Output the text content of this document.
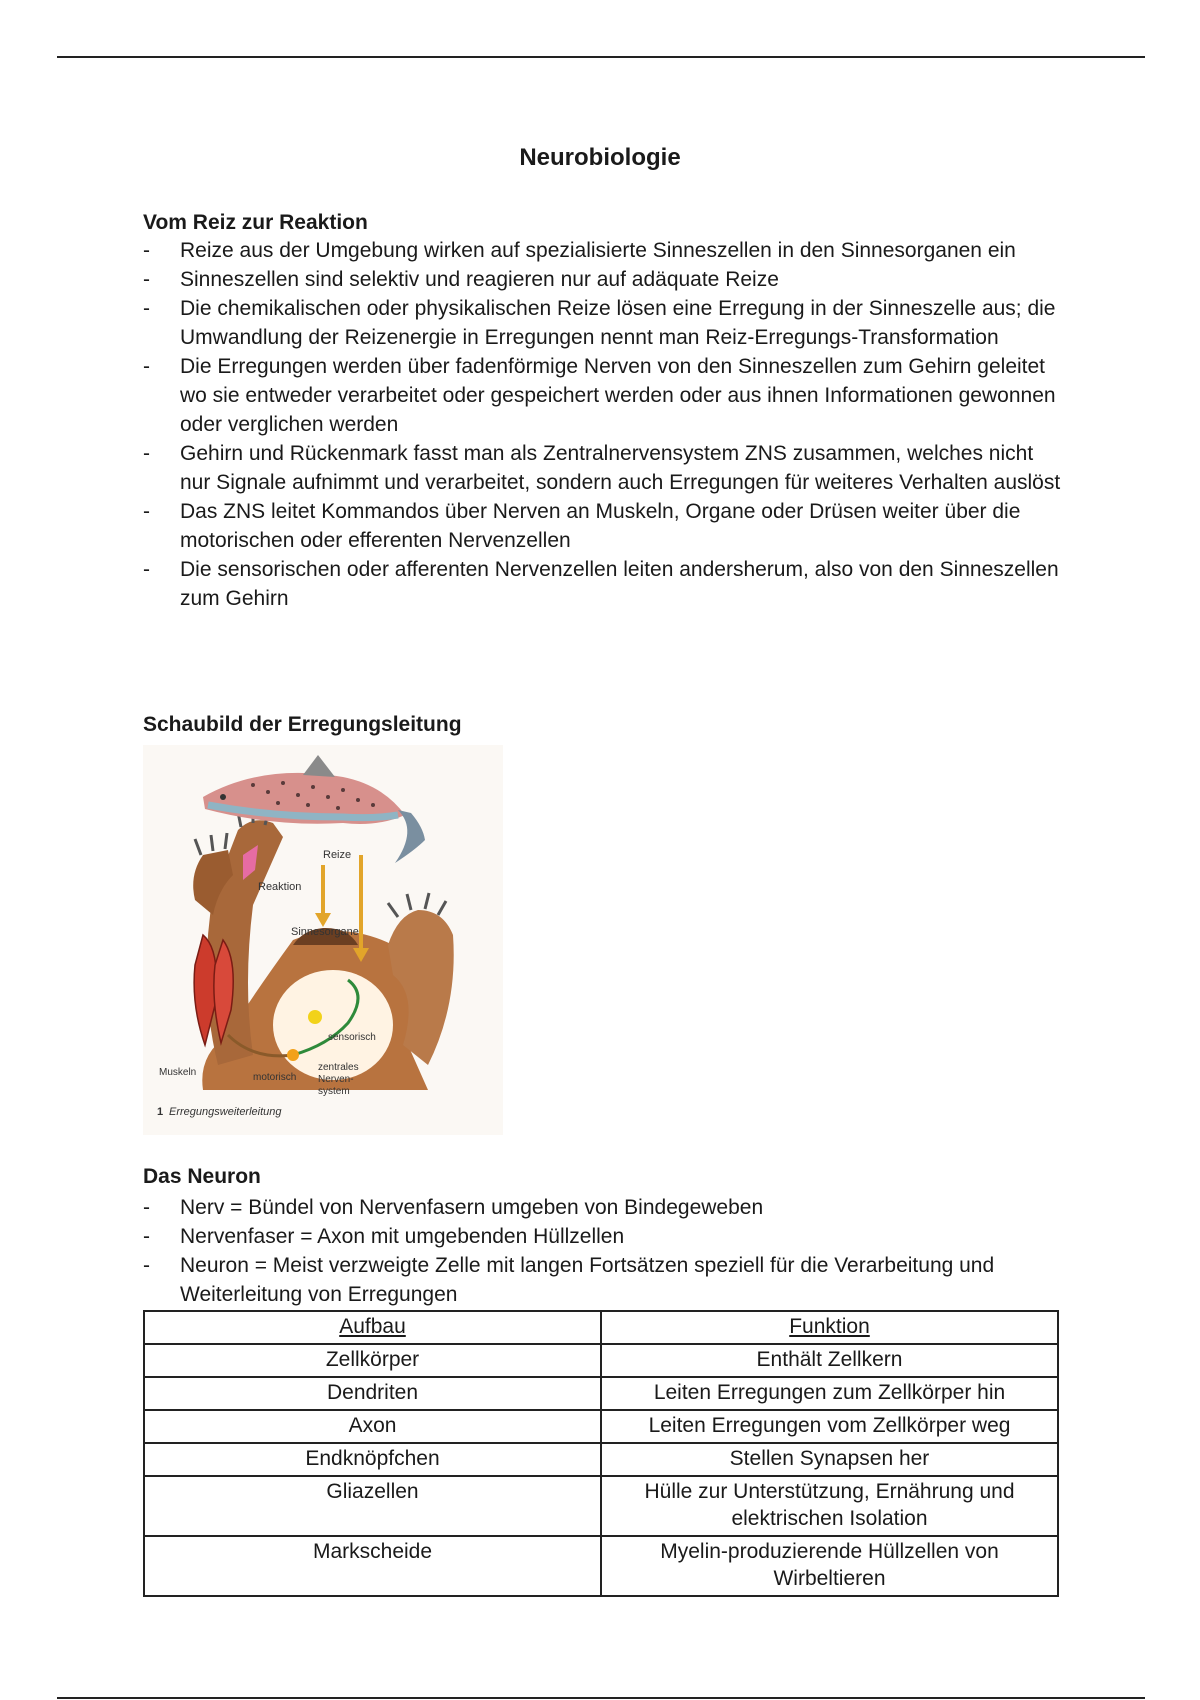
Neurobiologie
Vom Reiz zur Reaktion
- Reize aus der Umgebung wirken auf spezialisierte Sinneszellen in den Sinnesorganen ein
- Sinneszellen sind selektiv und reagieren nur auf adäquate Reize
- Die chemikalischen oder physikalischen Reize lösen eine Erregung in der Sinneszelle aus; die Umwandlung der Reizenergie in Erregungen nennt man Reiz-Erregungs-Transformation
- Die Erregungen werden über fadenförmige Nerven von den Sinneszellen zum Gehirn geleitet wo sie entweder verarbeitet oder gespeichert werden oder aus ihnen Informationen gewonnen oder verglichen werden
- Gehirn und Rückenmark fasst man als Zentralnervensystem ZNS zusammen, welches nicht nur Signale aufnimmt und verarbeitet, sondern auch Erregungen für weiteres Verhalten auslöst
- Das ZNS leitet Kommandos über Nerven an Muskeln, Organe oder Drüsen weiter über die motorischen oder efferenten Nervenzellen
- Die sensorischen oder afferenten Nervenzellen leiten andersherum, also von den Sinneszellen zum Gehirn
Schaubild der Erregungsleitung
Reize
Reaktion
Sinnesorgane
sensorisch
Muskeln	motorisch
zentrales
Nerven-
system
1 Erregungsweiterleitung
Das Neuron
- Nerv = Bündel von Nervenfasern umgeben von Bindegeweben
- Nervenfaser = Axon mit umgebenden Hüllzellen
- Neuron = Meist verzweigte Zelle mit langen Fortsätzen speziell für die Verarbeitung und Weiterleitung von Erregungen
Aufbau	Funktion
Zellkörper	Enthält Zellkern
Dendriten	Leiten Erregungen zum Zellkörper hin
Axon	Leiten Erregungen vom Zellkörper weg
Endknöpfchen	Stellen Synapsen her
Gliazellen	Hülle zur Unterstützung, Ernährung und elektrischen Isolation
Markscheide	Myelin-produzierende Hüllzellen von Wirbeltieren
